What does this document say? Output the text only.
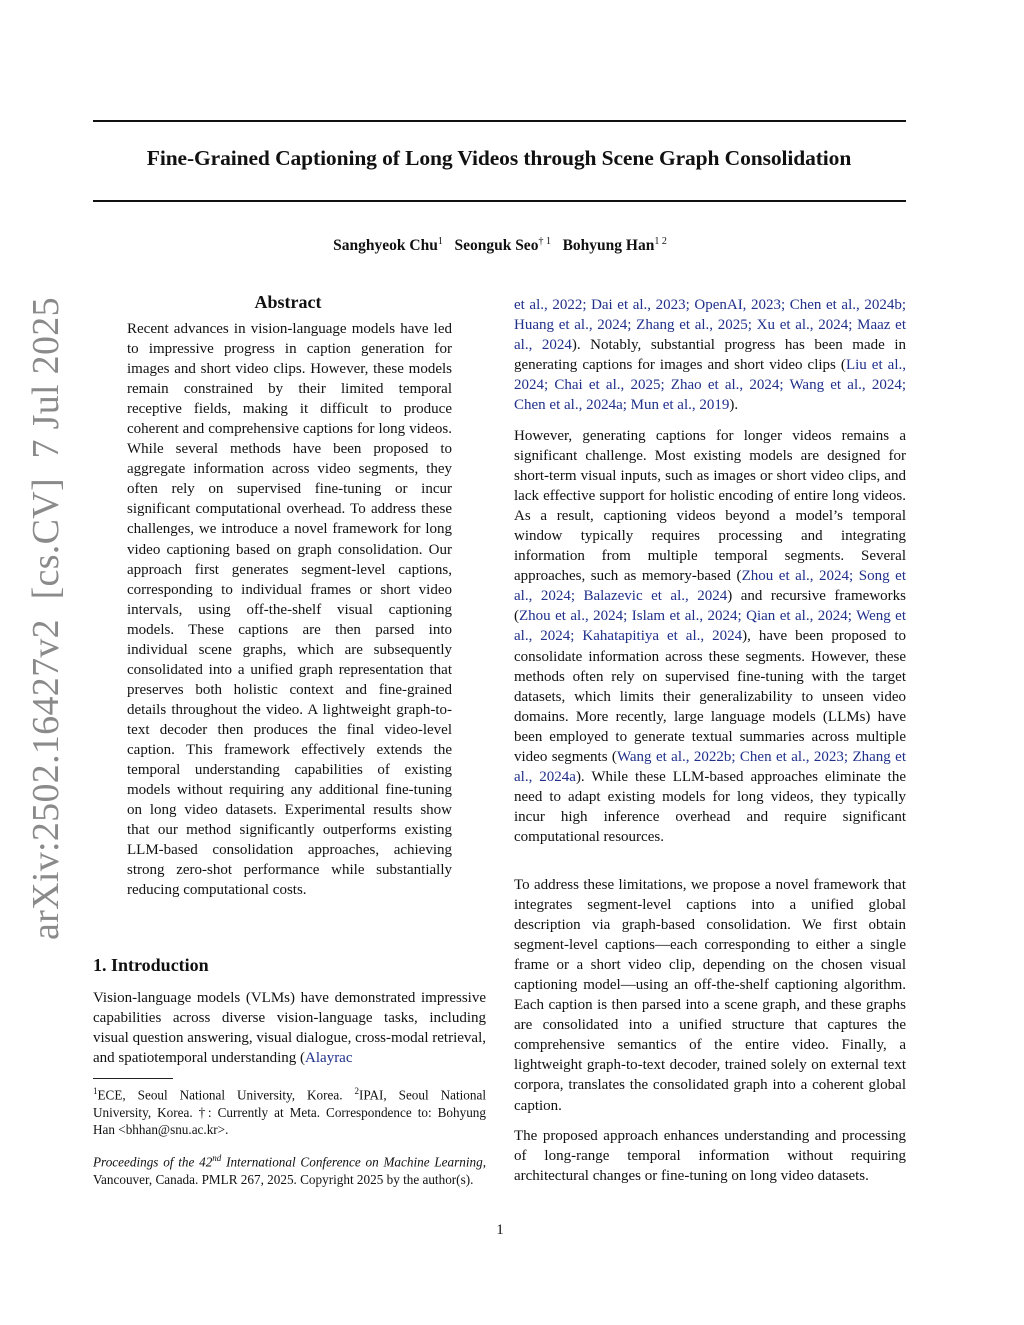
arXiv:2502.16427v2  [cs.CV]  7 Jul 2025
Fine-Grained Captioning of Long Videos through Scene Graph Consolidation
Sanghyeok Chu$^1$ Seonguk Seo$^{\dagger 1}$ Bohyung Han$^{1 2}$
Abstract
Recent advances in vision-language models have led to impressive progress in caption generation for images and short video clips. However, these models remain constrained by their limited temporal receptive fields, making it difficult to produce coherent and comprehensive captions for long videos. While several methods have been proposed to aggregate information across video segments, they often rely on supervised fine-tuning or incur significant computational overhead. To address these challenges, we introduce a novel framework for long video captioning based on graph consolidation. Our approach first generates segment-level captions, corresponding to individual frames or short video intervals, using off-the-shelf visual captioning models. These captions are then parsed into individual scene graphs, which are subsequently consolidated into a unified graph representation that preserves both holistic context and fine-grained details throughout the video. A lightweight graph-to-text decoder then produces the final video-level caption. This framework effectively extends the temporal understanding capabilities of existing models without requiring any additional fine-tuning on long video datasets. Experimental results show that our method significantly outperforms existing LLM-based consolidation approaches, achieving strong zero-shot performance while substantially reducing computational costs.
1. Introduction
Vision-language models (VLMs) have demonstrated impressive capabilities across diverse vision-language tasks, including visual question answering, visual dialogue, cross-modal retrieval, and spatiotemporal understanding (Alayrac
$^1$ECE, Seoul National University, Korea. $^2$IPAI, Seoul National University, Korea. †: Currently at Meta. Correspondence to: Bohyung Han <bhhan@snu.ac.kr>.
Proceedings of the 42nd International Conference on Machine Learning, Vancouver, Canada. PMLR 267, 2025. Copyright 2025 by the author(s).
et al., 2022; Dai et al., 2023; OpenAI, 2023; Chen et al., 2024b; Huang et al., 2024; Zhang et al., 2025; Xu et al., 2024; Maaz et al., 2024). Notably, substantial progress has been made in generating captions for images and short video clips (Liu et al., 2024; Chai et al., 2025; Zhao et al., 2024; Wang et al., 2024; Chen et al., 2024a; Mun et al., 2019).
However, generating captions for longer videos remains a significant challenge. Most existing models are designed for short-term visual inputs, such as images or short video clips, and lack effective support for holistic encoding of entire long videos. As a result, captioning videos beyond a model’s temporal window typically requires processing and integrating information from multiple temporal segments. Several approaches, such as memory-based (Zhou et al., 2024; Song et al., 2024; Balazevic et al., 2024) and recursive frameworks (Zhou et al., 2024; Islam et al., 2024; Qian et al., 2024; Weng et al., 2024; Kahatapitiya et al., 2024), have been proposed to consolidate information across these segments. However, these methods often rely on supervised fine-tuning with the target datasets, which limits their generalizability to unseen video domains. More recently, large language models (LLMs) have been employed to generate textual summaries across multiple video segments (Wang et al., 2022b; Chen et al., 2023; Zhang et al., 2024a). While these LLM-based approaches eliminate the need to adapt existing models for long videos, they typically incur high inference overhead and require significant computational resources.
To address these limitations, we propose a novel framework that integrates segment-level captions into a unified global description via graph-based consolidation. We first obtain segment-level captions—each corresponding to either a single frame or a short video clip, depending on the chosen visual captioning model—using an off-the-shelf captioning algorithm. Each caption is then parsed into a scene graph, and these graphs are consolidated into a unified structure that captures the comprehensive semantics of the entire video. Finally, a lightweight graph-to-text decoder, trained solely on external text corpora, translates the consolidated graph into a coherent global caption.
The proposed approach enhances understanding and processing of long-range temporal information without requiring architectural changes or fine-tuning on long video datasets.
1
